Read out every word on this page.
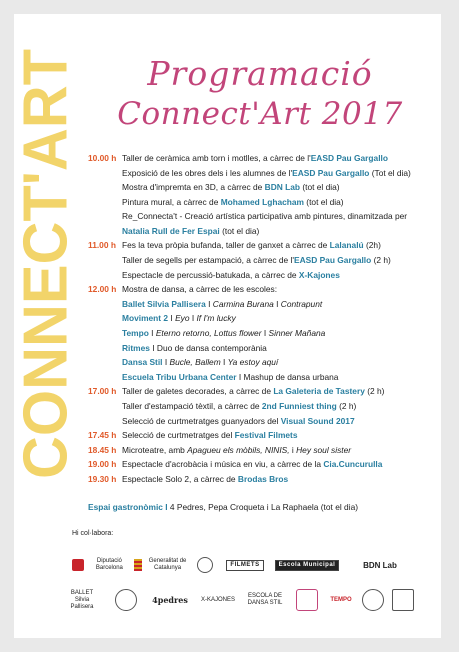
CONNECT'ART	Programació
Connect'Art 2017
10.00 h Taller de ceràmica amb torn i motlles, a càrrec de l'EASD Pau Gargallo
Exposició de les obres dels i les alumnes de l'EASD Pau Gargallo (Tot el dia)
Mostra d'impremta en 3D, a càrrec de BDN Lab (tot el dia)
Pintura mural, a càrrec de Mohamed Lghacham (tot el dia)
Re_Connecta't - Creació artística participativa amb pintures, dinamitzada per Natalia Rull de Fer Espai (tot el dia)
11.00 h Fes la teva pròpia bufanda, taller de ganxet a càrrec de Lalanalú (2h)
Taller de segells per estampació, a càrrec de l'EASD Pau Gargallo (2 h)
Espectacle de percussió-batukada, a càrrec de X-Kajones
12.00 h Mostra de dansa, a càrrec de les escoles:
Ballet Silvia Pallisera I Carmina Burana I Contrapunt
Moviment 2 I Eyo I If I'm lucky
Tempo I Eterno retorno, Lottus flower I Sinner Mañana
Ritmes I Duo de dansa contemporània
Dansa Stil I Bucle, Ballem I Ya estoy aquí
Escuela Tribu Urbana Center I Mashup de dansa urbana
17.00 h Taller de galetes decorades, a càrrec de La Galeteria de Tastery (2 h)
Taller d'estampació tèxtil, a càrrec de 2nd Funniest thing (2 h)
Selecció de curtmetratges guanyadors del Visual Sound 2017
17.45 h Selecció de curtmetratges del Festival Filmets
18.45 h Microteatre, amb Apagueu els mòbils, NINIS, i Hey soul sister
19.00 h Espectacle d'acrobàcia i música en viu, a càrrec de la Cia.Cuncurulla
19.30 h Espectacle Solo 2, a càrrec de Brodas Bros
Espai gastronòmic I 4 Pedres, Pepa Croqueta i La Raphaela (tot el dia)
Hi col·labora:
Diputació Barcelona
Generalitat de Catalunya
FILMETS	Escola Municipal	BDN Lab
BALLET Silvia Pallisera
4pedres X-KAJONES
ESCOLA DE DANSA STIL
TEMPO
